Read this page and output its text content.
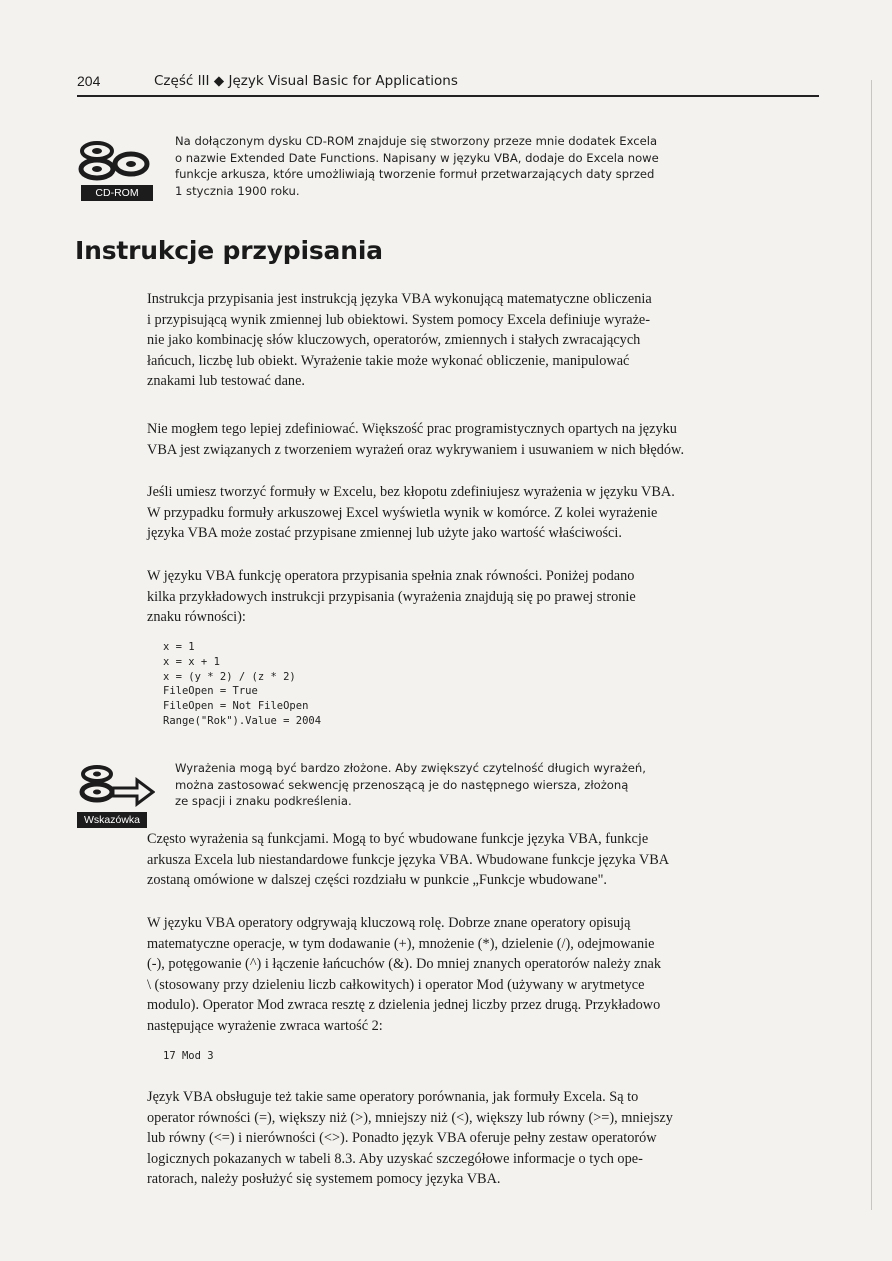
204	Część III ◆ Język Visual Basic for Applications
CD-ROM
Na dołączonym dysku CD-ROM znajduje się stworzony przeze mnie dodatek Excela
o nazwie Extended Date Functions. Napisany w języku VBA, dodaje do Excela nowe
funkcje arkusza, które umożliwiają tworzenie formuł przetwarzających daty sprzed
1 stycznia 1900 roku.
Instrukcje przypisania

Instrukcja przypisania jest instrukcją języka VBA wykonującą matematyczne obliczenia

i przypisującą wynik zmiennej lub obiektowi. System pomocy Excela definiuje wyraże-

nie jako kombinację słów kluczowych, operatorów, zmiennych i stałych zwracających

łańcuch, liczbę lub obiekt. Wyrażenie takie może wykonać obliczenie, manipulować

znakami lub testować dane.

Nie mogłem tego lepiej zdefiniować. Większość prac programistycznych opartych na języku

VBA jest związanych z tworzeniem wyrażeń oraz wykrywaniem i usuwaniem w nich błędów.

Jeśli umiesz tworzyć formuły w Excelu, bez kłopotu zdefiniujesz wyrażenia w języku VBA.

W przypadku formuły arkuszowej Excel wyświetla wynik w komórce. Z kolei wyrażenie

języka VBA może zostać przypisane zmiennej lub użyte jako wartość właściwości.

W języku VBA funkcję operatora przypisania spełnia znak równości. Poniżej podano

kilka przykładowych instrukcji przypisania (wyrażenia znajdują się po prawej stronie

znaku równości):

x = 1
x = x + 1
x = (y * 2) / (z * 2)
FileOpen = True
FileOpen = Not FileOpen
Range("Rok").Value = 2004
Wskazówka
Wyrażenia mogą być bardzo złożone. Aby zwiększyć czytelność długich wyrażeń,
można zastosować sekwencję przenoszącą je do następnego wiersza, złożoną
ze spacji i znaku podkreślenia.

Często wyrażenia są funkcjami. Mogą to być wbudowane funkcje języka VBA, funkcje

arkusza Excela lub niestandardowe funkcje języka VBA. Wbudowane funkcje języka VBA

zostaną omówione w dalszej części rozdziału w punkcie „Funkcje wbudowane".

W języku VBA operatory odgrywają kluczową rolę. Dobrze znane operatory opisują

matematyczne operacje, w tym dodawanie (+), mnożenie (*), dzielenie (/), odejmowanie

(-), potęgowanie (^) i łączenie łańcuchów (&). Do mniej znanych operatorów należy znak

\ (stosowany przy dzieleniu liczb całkowitych) i operator Mod (używany w arytmetyce

modulo). Operator Mod zwraca resztę z dzielenia jednej liczby przez drugą. Przykładowo

następujące wyrażenie zwraca wartość 2:

17 Mod 3

Język VBA obsługuje też takie same operatory porównania, jak formuły Excela. Są to

operator równości (=), większy niż (>), mniejszy niż (<), większy lub równy (>=), mniejszy

lub równy (<=) i nierówności (<>). Ponadto język VBA oferuje pełny zestaw operatorów

logicznych pokazanych w tabeli 8.3. Aby uzyskać szczegółowe informacje o tych ope-

ratorach, należy posłużyć się systemem pomocy języka VBA.
